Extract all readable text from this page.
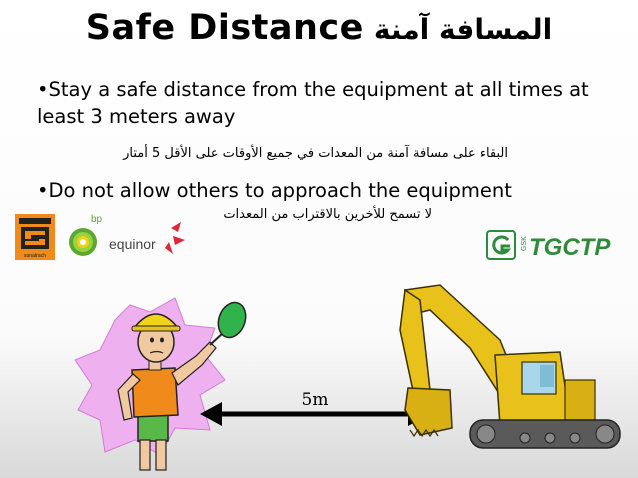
Safe Distance المسافة آمنة
•Stay a safe distance from the equipment at all times at least 3 meters away
البقاء على مسافة آمنة من المعدات في جميع الأوقات على الأقل 5 أمتار
•Do not allow others to approach the equipment
لا تسمح للأخرين بالاقتراب من المعدات
sonatrach
bp
equinor	GSK TGCTP
5m
